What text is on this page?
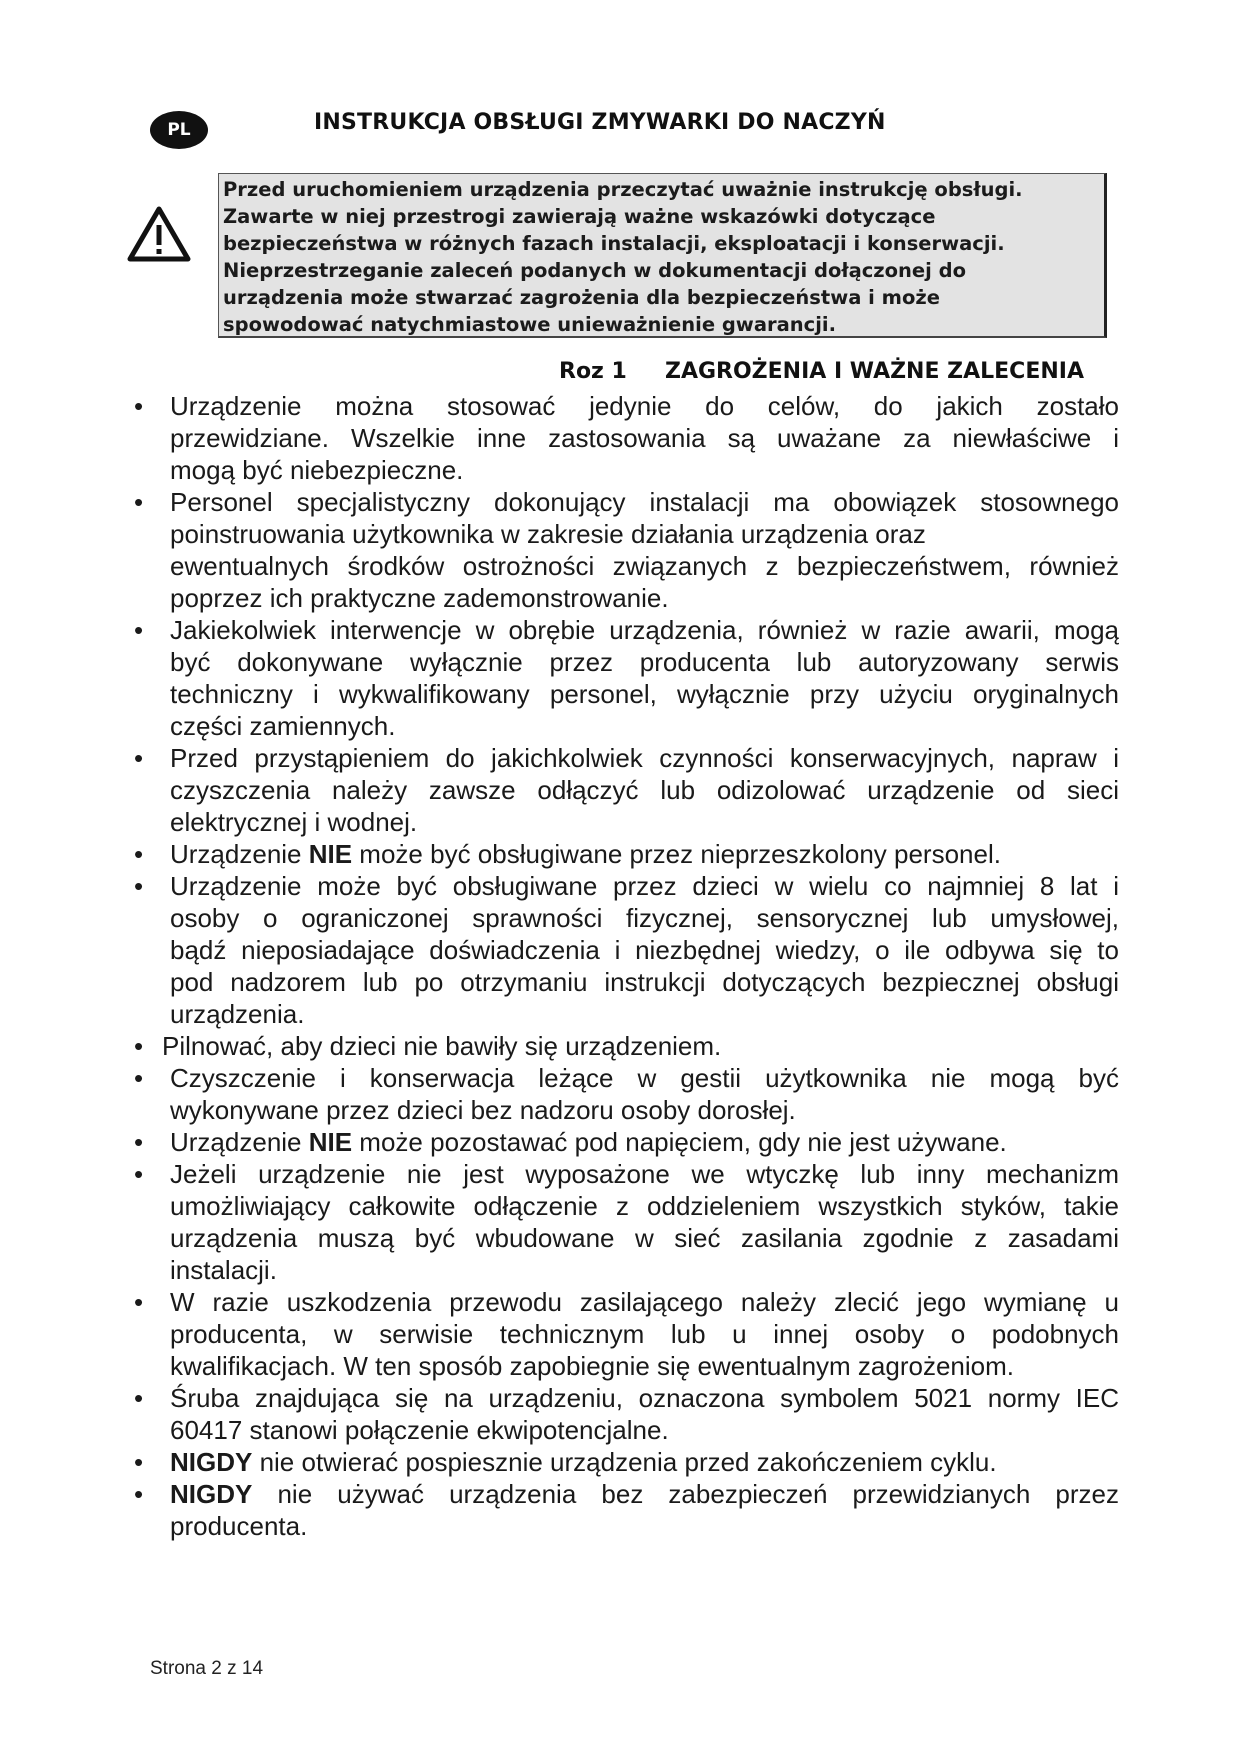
PL	INSTRUKCJA OBSŁUGI ZMYWARKI DO NACZYŃ
Przed uruchomieniem urządzenia przeczytać uważnie instrukcję obsługi.
Zawarte w niej przestrogi zawierają ważne wskazówki dotyczące
bezpieczeństwa w różnych fazach instalacji, eksploatacji i konserwacji.
Nieprzestrzeganie zaleceń podanych w dokumentacji dołączonej do
urządzenia może stwarzać zagrożenia dla bezpieczeństwa i może
spowodować natychmiastowe unieważnienie gwarancji.
Roz 1 ZAGROŻENIA I WAŻNE ZALECENIA
• Urządzenie można stosować jedynie do celów, do jakich zostało
przewidziane. Wszelkie inne zastosowania są uważane za niewłaściwe i
mogą być niebezpieczne.
• Personel specjalistyczny dokonujący instalacji ma obowiązek stosownego
poinstruowania użytkownika w zakresie działania urządzenia oraz
ewentualnych środków ostrożności związanych z bezpieczeństwem, również
poprzez ich praktyczne zademonstrowanie.
• Jakiekolwiek interwencje w obrębie urządzenia, również w razie awarii, mogą
być dokonywane wyłącznie przez producenta lub autoryzowany serwis
techniczny i wykwalifikowany personel, wyłącznie przy użyciu oryginalnych
części zamiennych.
• Przed przystąpieniem do jakichkolwiek czynności konserwacyjnych, napraw i
czyszczenia należy zawsze odłączyć lub odizolować urządzenie od sieci
elektrycznej i wodnej.
• Urządzenie NIE może być obsługiwane przez nieprzeszkolony personel.
• Urządzenie może być obsługiwane przez dzieci w wielu co najmniej 8 lat i
osoby o ograniczonej sprawności fizycznej, sensorycznej lub umysłowej,
bądź nieposiadające doświadczenia i niezbędnej wiedzy, o ile odbywa się to
pod nadzorem lub po otrzymaniu instrukcji dotyczących bezpiecznej obsługi
urządzenia.
• Pilnować, aby dzieci nie bawiły się urządzeniem.
• Czyszczenie i konserwacja leżące w gestii użytkownika nie mogą być
wykonywane przez dzieci bez nadzoru osoby dorosłej.
• Urządzenie NIE może pozostawać pod napięciem, gdy nie jest używane.
• Jeżeli urządzenie nie jest wyposażone we wtyczkę lub inny mechanizm
umożliwiający całkowite odłączenie z oddzieleniem wszystkich styków, takie
urządzenia muszą być wbudowane w sieć zasilania zgodnie z zasadami
instalacji.
• W razie uszkodzenia przewodu zasilającego należy zlecić jego wymianę u
producenta, w serwisie technicznym lub u innej osoby o podobnych
kwalifikacjach. W ten sposób zapobiegnie się ewentualnym zagrożeniom.
• Śruba znajdująca się na urządzeniu, oznaczona symbolem 5021 normy IEC
60417 stanowi połączenie ekwipotencjalne.
• NIGDY nie otwierać pospiesznie urządzenia przed zakończeniem cyklu.
• NIGDY nie używać urządzenia bez zabezpieczeń przewidzianych przez
producenta.
Strona 2 z 14
